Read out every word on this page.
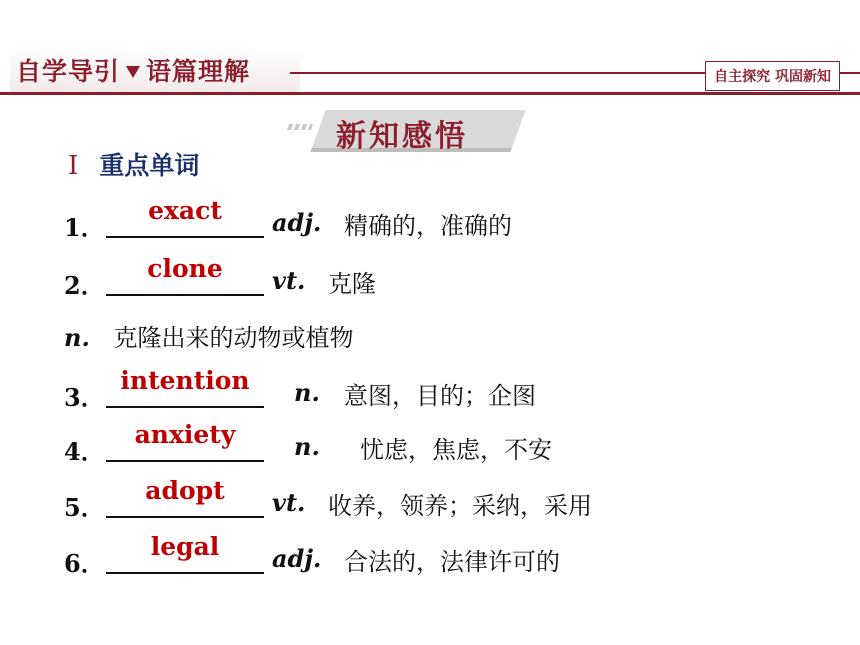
自学导引 语篇理解	自主探究 巩固新知
新知感悟
Ⅰ 重点单词
1．
exact	adj. 精确的，准确的
2．
clone	vt. 克隆
n. 克隆出来的动物或植物
3．
intention	n. 意图，目的；企图
4．
anxiety	n. 忧虑，焦虑，不安
5．
adopt	vt. 收养，领养；采纳，采用
6．
legal	adj. 合法的，法律许可的
